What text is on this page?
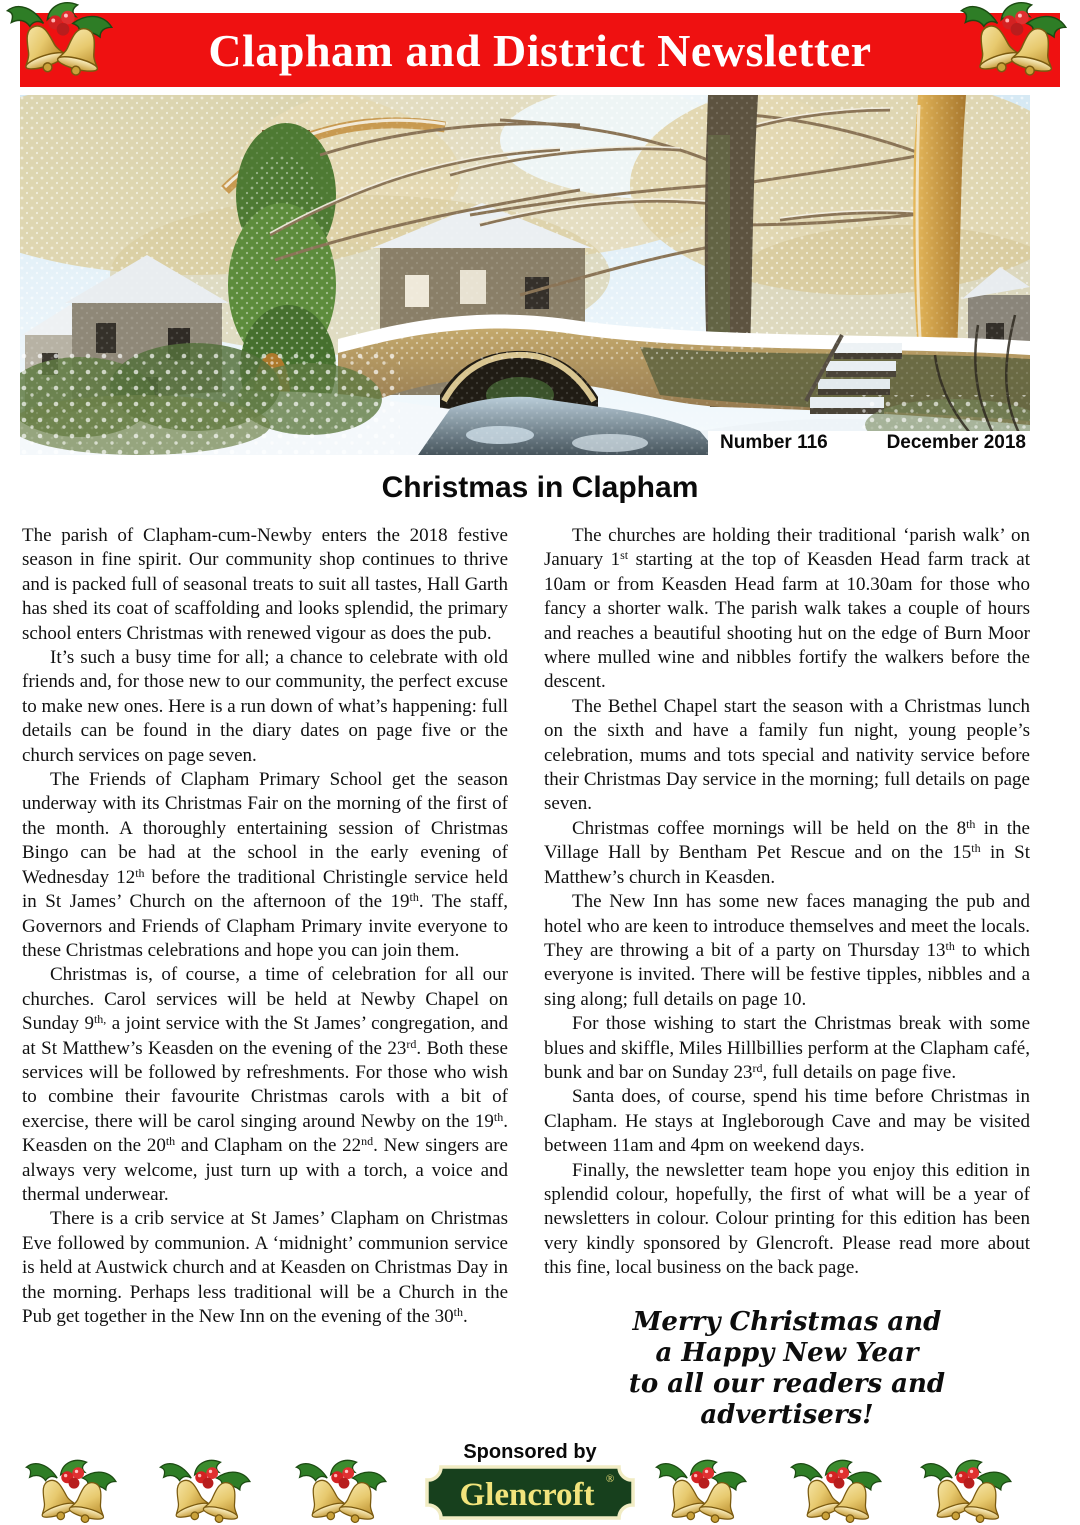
Clapham and District Newsletter
Number 116	December 2018
Christmas in Clapham

The parish of Clapham-cum-Newby enters the 2018 festive season in fine spirit. Our community shop continues to thrive and is packed full of seasonal treats to suit all tastes, Hall Garth has shed its coat of scaffolding and looks splendid, the primary school enters Christmas with renewed vigour as does the pub.

It’s such a busy time for all; a chance to celebrate with old friends and, for those new to our community, the perfect excuse to make new ones. Here is a run down of what’s happening: full details can be found in the diary dates on page five or the church services on page seven.

The Friends of Clapham Primary School get the season underway with its Christmas Fair on the morning of the first of the month. A thoroughly entertaining session of Christmas Bingo can be had at the school in the early evening of Wednesday 12th before the traditional Christingle service held in St James’ Church on the afternoon of the 19th. The staff, Governors and Friends of Clapham Primary invite everyone to these Christmas celebrations and hope you can join them.

Christmas is, of course, a time of celebration for all our churches. Carol services will be held at Newby Chapel on Sunday $9^{th,}$ a joint service with the St James’ congregation, and at St Matthew’s Keasden on the evening of the 23rd. Both these services will be followed by refreshments. For those who wish to combine their favourite Christmas carols with a bit of exercise, there will be carol singing around Newby on the 19th. Keasden on the 20th and Clapham on the 22nd. New singers are always very welcome, just turn up with a torch, a voice and thermal underwear.

There is a crib service at St James’ Clapham on Christmas Eve followed by communion. A ‘midnight’ communion service is held at Austwick church and at Keasden on Christmas Day in the morning. Perhaps less traditional will be a Church in the Pub get together in the New Inn on the evening of the 30th.

The churches are holding their traditional ‘parish walk’ on January 1st starting at the top of Keasden Head farm track at 10am or from Keasden Head farm at 10.30am for those who fancy a shorter walk. The parish walk takes a couple of hours and reaches a beautiful shooting hut on the edge of Burn Moor where mulled wine and nibbles fortify the walkers before the descent.

The Bethel Chapel start the season with a Christmas lunch on the sixth and have a family fun night, young people’s celebration, mums and tots special and nativity service before their Christmas Day service in the morning; full details on page seven.

Christmas coffee mornings will be held on the 8th in the Village Hall by Bentham Pet Rescue and on the 15th in St Matthew’s church in Keasden.

The New Inn has some new faces managing the pub and hotel who are keen to introduce themselves and meet the locals. They are throwing a bit of a party on Thursday 13th to which everyone is invited. There will be festive tipples, nibbles and a sing along; full details on page 10.

For those wishing to start the Christmas break with some blues and skiffle, Miles Hillbillies perform at the Clapham café, bunk and bar on Sunday 23rd, full details on page five.

Santa does, of course, spend his time before Christmas in Clapham. He stays at Ingleborough Cave and may be visited between 11am and 4pm on weekend days.

Finally, the newsletter team hope you enjoy this edition in splendid colour, hopefully, the first of what will be a year of newsletters in colour. Colour printing for this edition has been very kindly sponsored by Glencroft. Please read more about this fine, local business on the back page.

Merry Christmas and
a Happy New Year
to all our readers and advertisers!
Sponsored by
Glencroft ®
